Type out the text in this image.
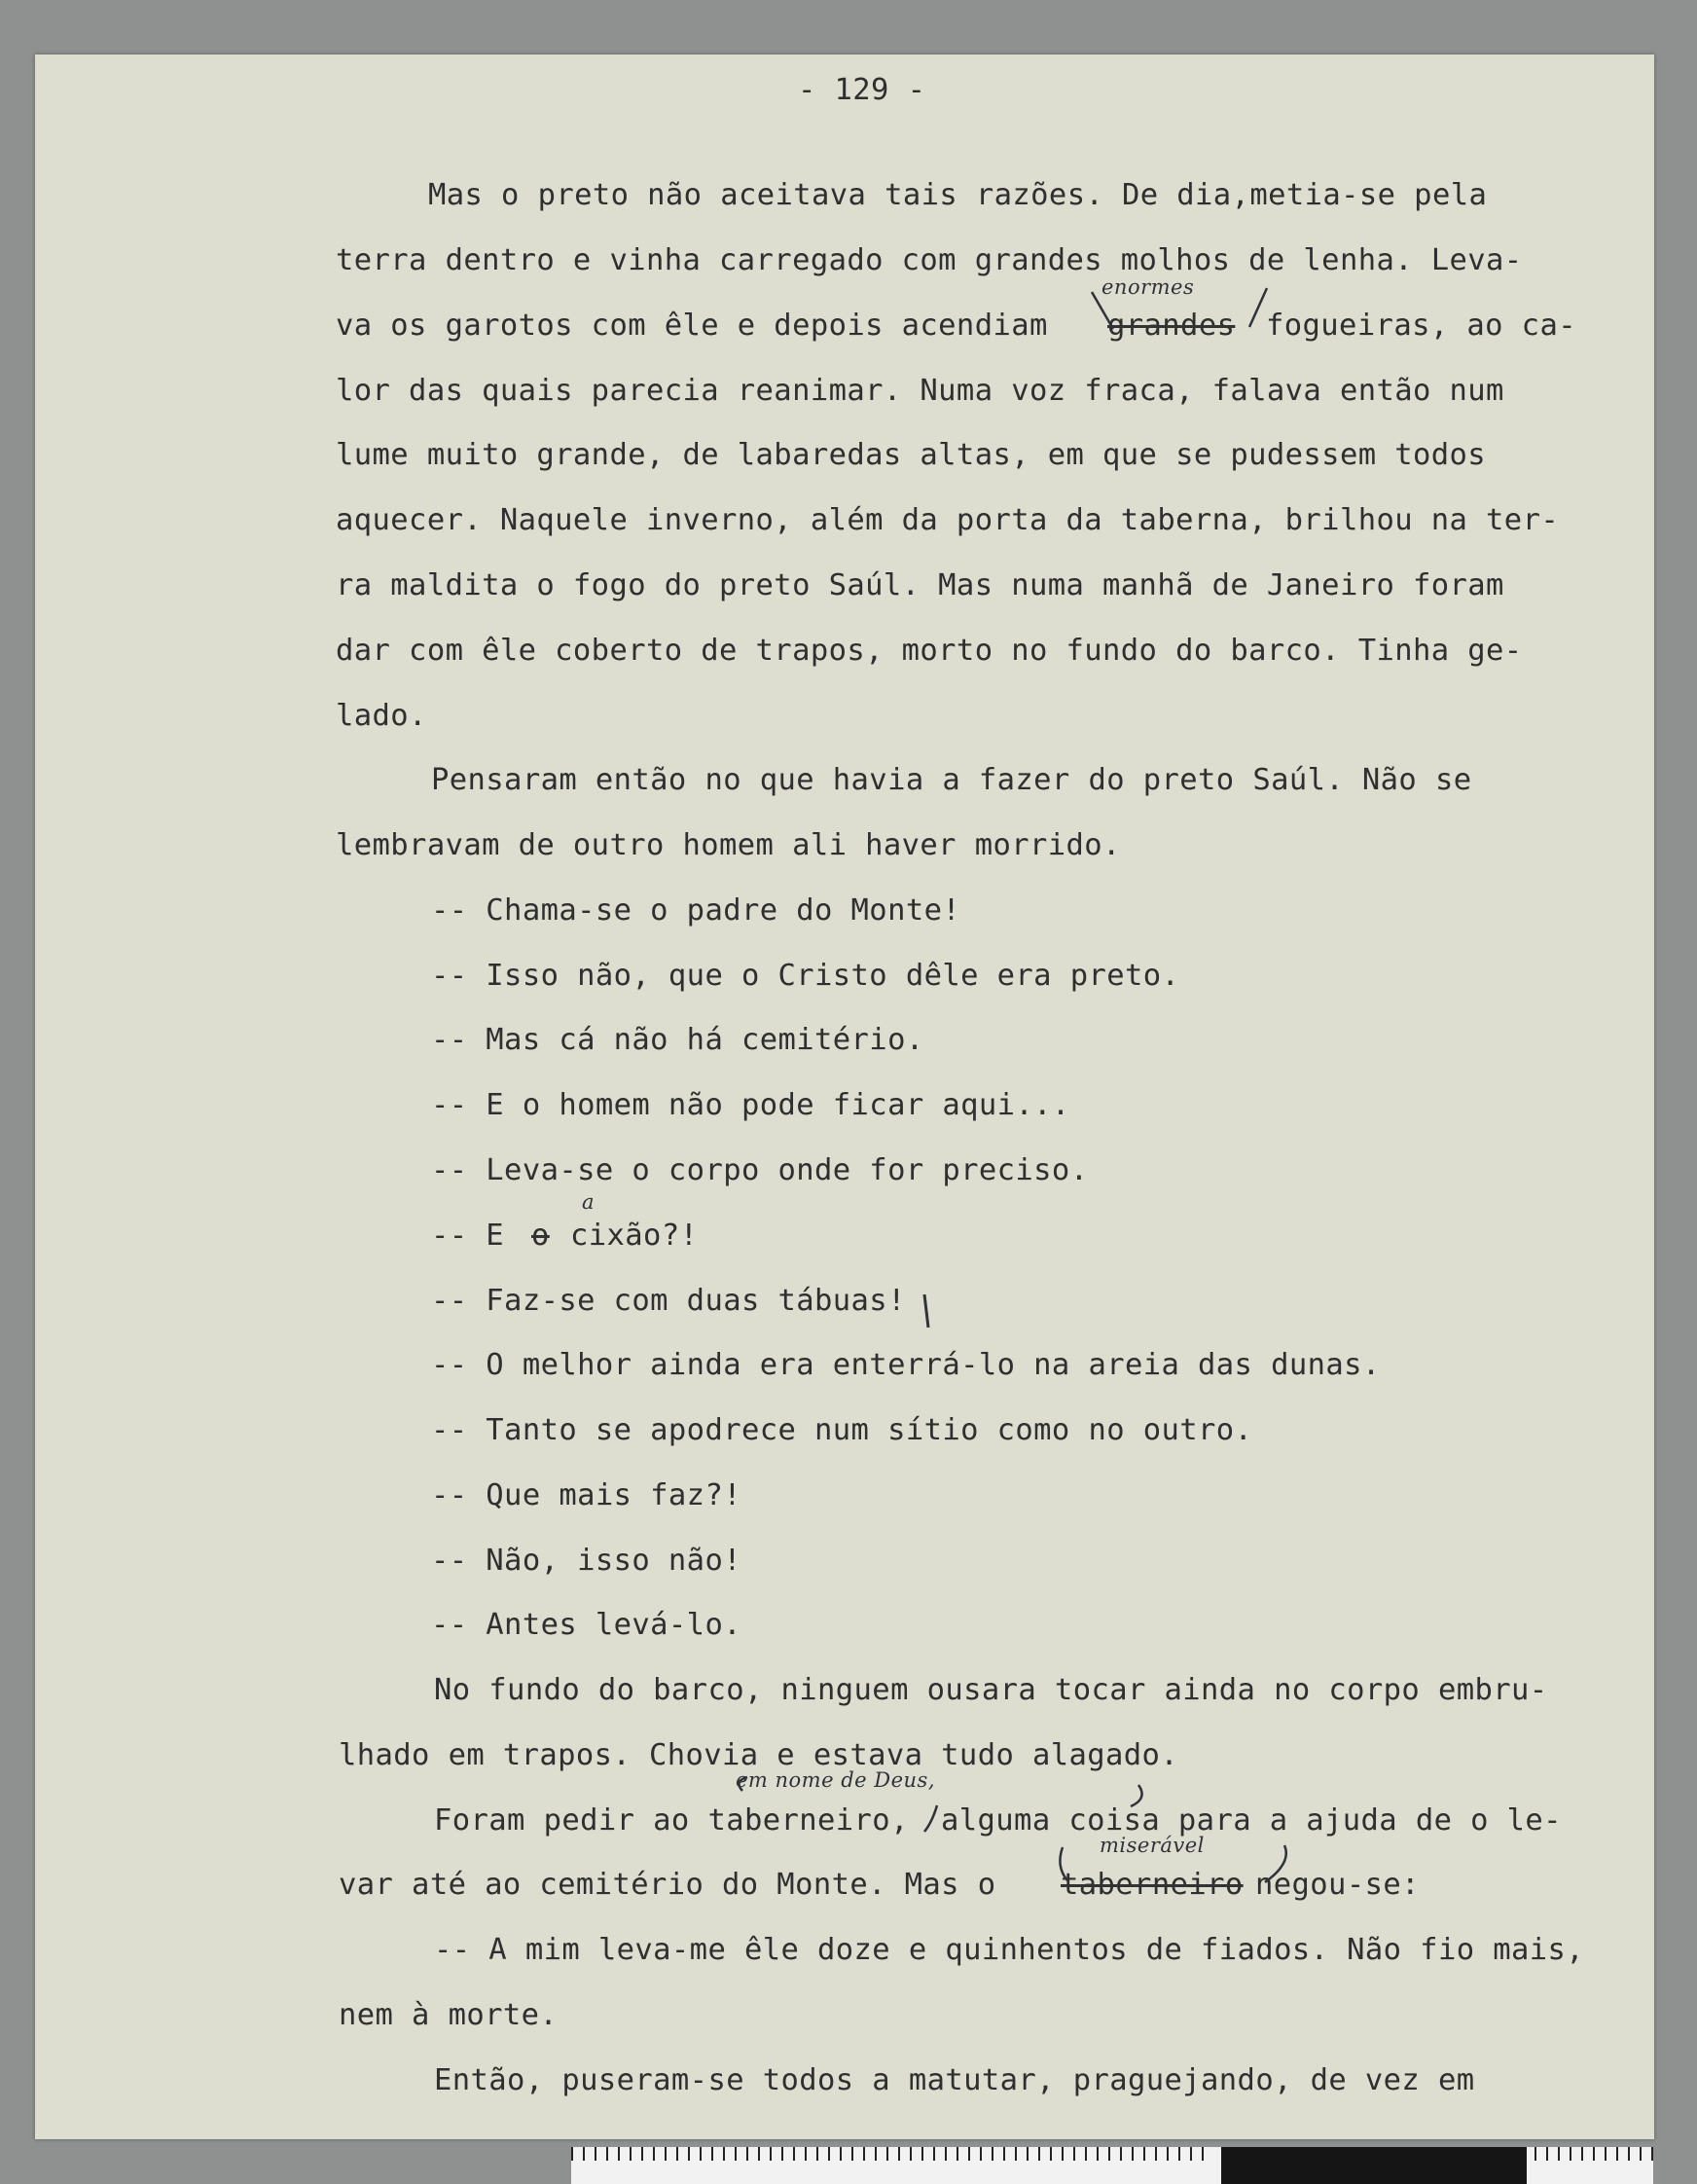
- 129 -
Mas o preto não aceitava tais razões. De dia,metia-se pela
terra dentro e vinha carregado com grandes molhos de lenha. Leva-
va os garotos com êle e depois acendiam grandes fogueiras, ao ca-
enormes
lor das quais parecia reanimar. Numa voz fraca, falava então num
lume muito grande, de labaredas altas, em que se pudessem todos
aquecer. Naquele inverno, além da porta da taberna, brilhou na ter-
ra maldita o fogo do preto Saúl. Mas numa manhã de Janeiro foram
dar com êle coberto de trapos, morto no fundo do barco. Tinha ge-
lado.
Pensaram então no que havia a fazer do preto Saúl. Não se
lembravam de outro homem ali haver morrido.
-- Chama-se o padre do Monte!
-- Isso não, que o Cristo dêle era preto.
-- Mas cá não há cemitério.
-- E o homem não pode ficar aqui...
-- Leva-se o corpo onde for preciso.
-- E o cixão?!
a
-- Faz-se com duas tábuas!
-- O melhor ainda era enterrá-lo na areia das dunas.
-- Tanto se apodrece num sítio como no outro.
-- Que mais faz?!
-- Não, isso não!
-- Antes levá-lo.
No fundo do barco, ninguem ousara tocar ainda no corpo embru-
lhado em trapos. Chovia e estava tudo alagado.
Foram pedir ao taberneiro, alguma coisa para a ajuda de o le-
em nome de Deus,
var até ao cemitério do Monte. Mas o taberneiro negou-se:
miserável
-- A mim leva-me êle doze e quinhentos de fiados. Não fio mais,
nem à morte.
Então, puseram-se todos a matutar, praguejando, de vez em
